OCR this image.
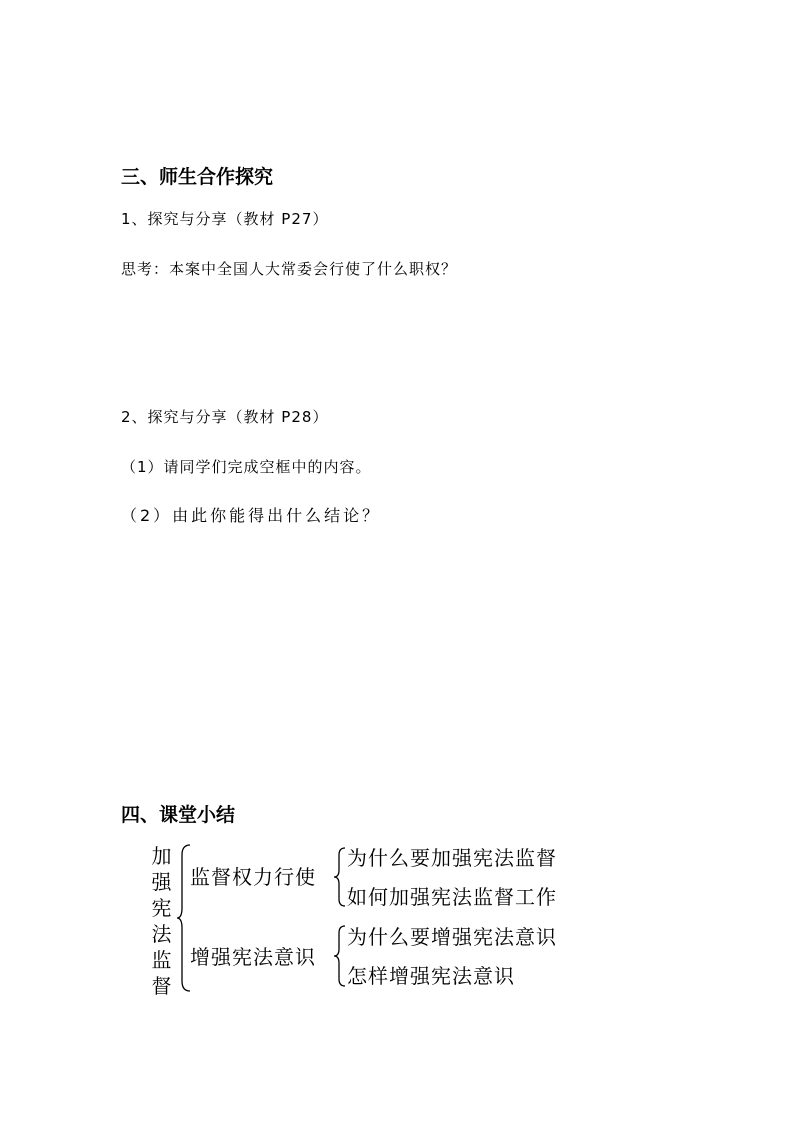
三、师生合作探究
1、探究与分享（教材 P27）
思考：本案中全国人大常委会行使了什么职权？
2、探究与分享（教材 P28）
（1）请同学们完成空框中的内容。
（2）由此你能得出什么结论？
四、课堂小结
加
强
宪
法
监
督
监督权力行使
为什么要加强宪法监督
如何加强宪法监督工作
增强宪法意识
为什么要增强宪法意识
怎样增强宪法意识
